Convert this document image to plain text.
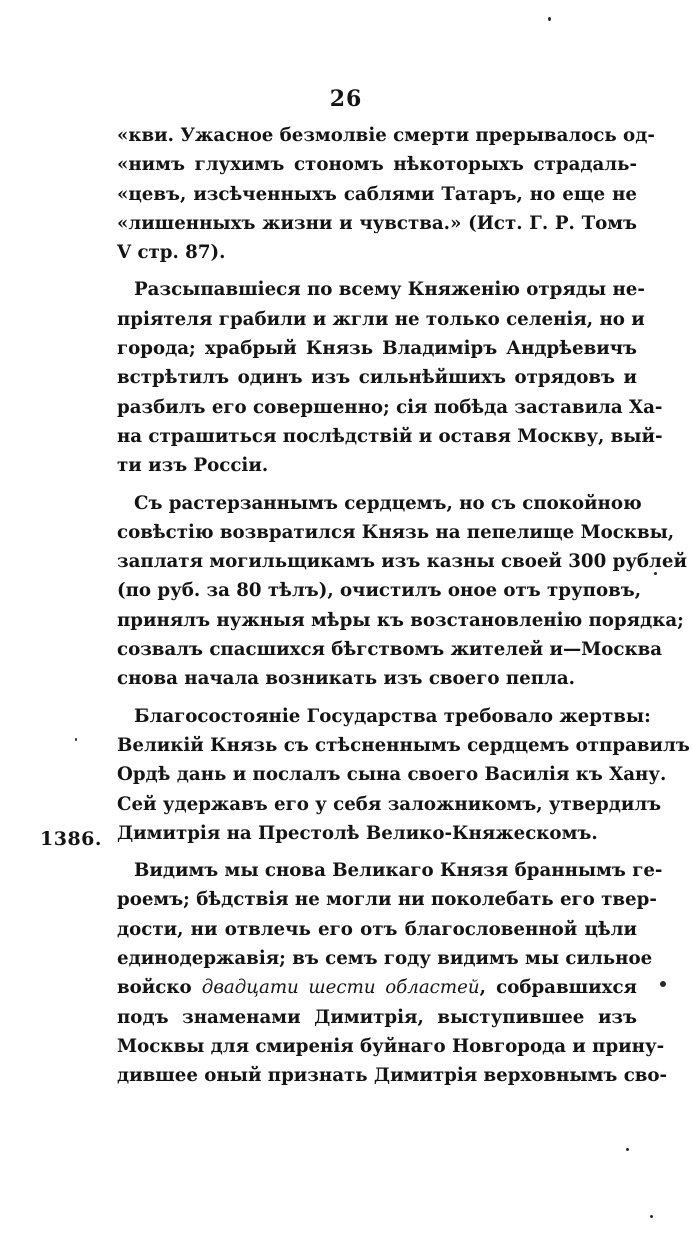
26
1386.
«кви. Ужасное безмолвіе смерти прерывалось од-
«нимъ глухимъ стономъ нѣкоторыхъ страдаль-
«цевъ, изсѣченныхъ саблями Татаръ, но еще не
«лишенныхъ жизни и чувства.» (Ист. Г. Р. Томъ
V стр. 87).
Разсыпавшіеся по всему Княженію отряды не-
пріятеля грабили и жгли не только селенія, но и
города; храбрый Князь Владиміръ Андрѣевичъ
встрѣтилъ одинъ изъ сильнѣйшихъ отрядовъ и
разбилъ его совершенно; сія побѣда заставила Ха-
на страшиться послѣдствій и оставя Москву, вый-
ти изъ Россіи.
Съ растерзаннымъ сердцемъ, но съ спокойною
совѣстію возвратился Князь на пепелище Москвы,
заплатя могильщикамъ изъ казны своей 300 рублей
(по руб. за 80 тѣлъ), очистилъ оное отъ труповъ,
принялъ нужныя мѣры къ возстановленію порядка;
созвалъ спасшихся бѣгствомъ жителей и—Москва
снова начала возникать изъ своего пепла.
Благосостояніе Государства требовало жертвы:
Великій Князь съ стѣсненнымъ сердцемъ отправилъ
Ордѣ дань и послалъ сына своего Василія къ Хану.
Сей удержавъ его у себя заложникомъ, утвердилъ
Димитрія на Престолѣ Велико-Княжескомъ.
Видимъ мы снова Великаго Князя браннымъ ге-
роемъ; бѣдствія не могли ни поколебать его твер-
дости, ни отвлечь его отъ благословенной цѣли
единодержавія; въ семъ году видимъ мы сильное
войско двадцати шести областей, собравшихся
подъ знаменами Димитрія, выступившее изъ
Москвы для смиренія буйнаго Новгорода и прину-
дившее оный признать Димитрія верховнымъ сво-
